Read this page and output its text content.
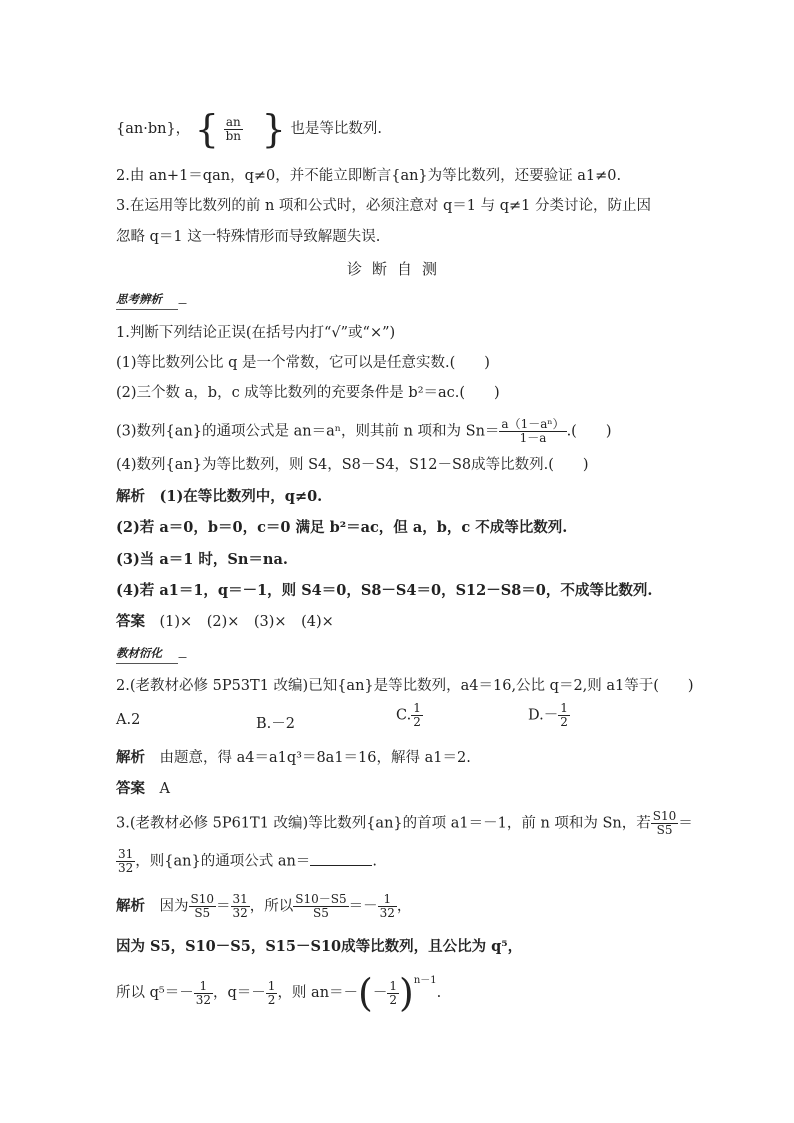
{an·bn}， { $\frac{an}{bn}$ } 也是等比数列.
2.由 an+1＝qan，q≠0，并不能立即断言{an}为等比数列，还要验证 a1≠0.
3.在运用等比数列的前 n 项和公式时，必须注意对 q＝1 与 q≠1 分类讨论，防止因
忽略 q＝1 这一特殊情形而导致解题失误.
诊断自测
思考辨析
1.判断下列结论正误(在括号内打“√”或“×”)
(1)等比数列公比 q 是一个常数，它可以是任意实数.(　　)
(2)三个数 a，b，c 成等比数列的充要条件是 b²＝ac.(　　)
(3)数列{an}的通项公式是 an＝aⁿ，则其前 n 项和为 $Sn= \frac{\text{a（1－aⁿ）}}{1-a}$ .(　　)
(4)数列{an}为等比数列，则 S4，S8－S4，S12－S8成等比数列.(　　)
解析　 (1)在等比数列中，q≠0.
(2)若 a＝0，b＝0，c＝0 满足 b²＝ac，但 a，b，c 不成等比数列.
(3)当 a＝1 时，Sn＝na.
(4)若 a1＝1，q＝－1，则 S4＝0，S8－S4＝0，S12－S8＝0，不成等比数列.
答案　 (1)×　(2)×　(3)×　(4)×
教材衍化
2.(老教材必修 5P53T1 改编)已知{an}是等比数列，a4＝16,公比 q＝2,则 a1等于(　　)
A.2	B.－2
C. $\frac{1}{2}$	$D.- \frac{1}{2}$
解析　 由题意，得 a4＝a1q³＝8a1＝16，解得 a1＝2.
答案　 A
3.(老教材必修 5P61T1 改编)等比数列{an}的首项 a1＝－1，前 n 项和为 Sn，若 $\frac{S10}{S5}$ ＝
$\frac{31}{32}$ ，则{an}的通项公式 an＝	.
解析　 因为 $\frac{S10}{S5} = \frac{31}{32}$ ，所以 $\frac{S10-S5}{S5} =- \frac{1}{32}$ ，
因为 S5，S10－S5，S15－S10成等比数列，且公比为 q⁵，
所以 $q^5=- \frac{1}{32}$ ，$q=- \frac{1}{2}$ ，则 $an=-(- \frac{1}{2} )^{n-1}$.
